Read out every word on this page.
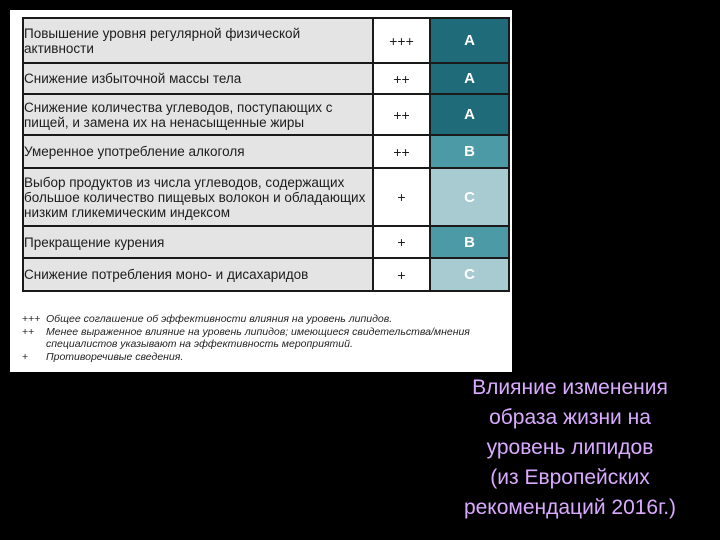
Повышение уровня регулярной физической активности	+++	A
Снижение избыточной массы тела	++	A
Снижение количества углеводов, поступающих с пищей, и замена их на ненасыщенные жиры	++	A
Умеренное употребление алкоголя	++	B
Выбор продуктов из числа углеводов, содержащих большое количество пищевых волокон и обладающих низким гликемическим индексом	+	C
Прекращение курения	+	B
Снижение потребления моно- и дисахаридов	+	C
+++ Общее соглашение об эффективности влияния на уровень липидов.
++	Менее выраженное влияние на уровень липидов; имеющиеся свидетельства/мнения специалистов указывают на эффективность мероприятий.
+	Противоречивые сведения.
Влияние изменения
образа жизни на
уровень липидов
(из Европейских
рекомендаций 2016г.)
